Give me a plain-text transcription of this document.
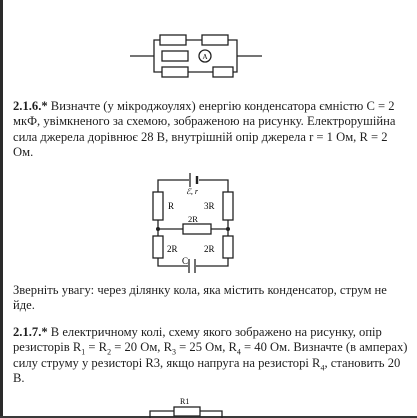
A

2.1.6.* Визначте (у мікроджоулях) енергію конденсатора ємністю С = 2 мкФ, увімкненого за схемою, зображеною на рисунку. Електрорушійна сила джерела дорівнює 28 В, внутрішній опір джерела r = 1 Ом, R = 2 Ом.

ℰ, r
R	3R
2R
2R	2R
C

Зверніть увагу: через ділянку кола, яка містить конденсатор, струм не йде.

2.1.7.* В електричному колі, схему якого зображено на рисунку, опір резисторів $R_1 = R_2 = 20$ Ом, $R_3 = 25$ Ом, $R_4 = 40$ Ом. Визначте (в амперах) силу струму у резисторі R3, якщо напруга на резисторі $R_4$, становить 20 В.

R1
